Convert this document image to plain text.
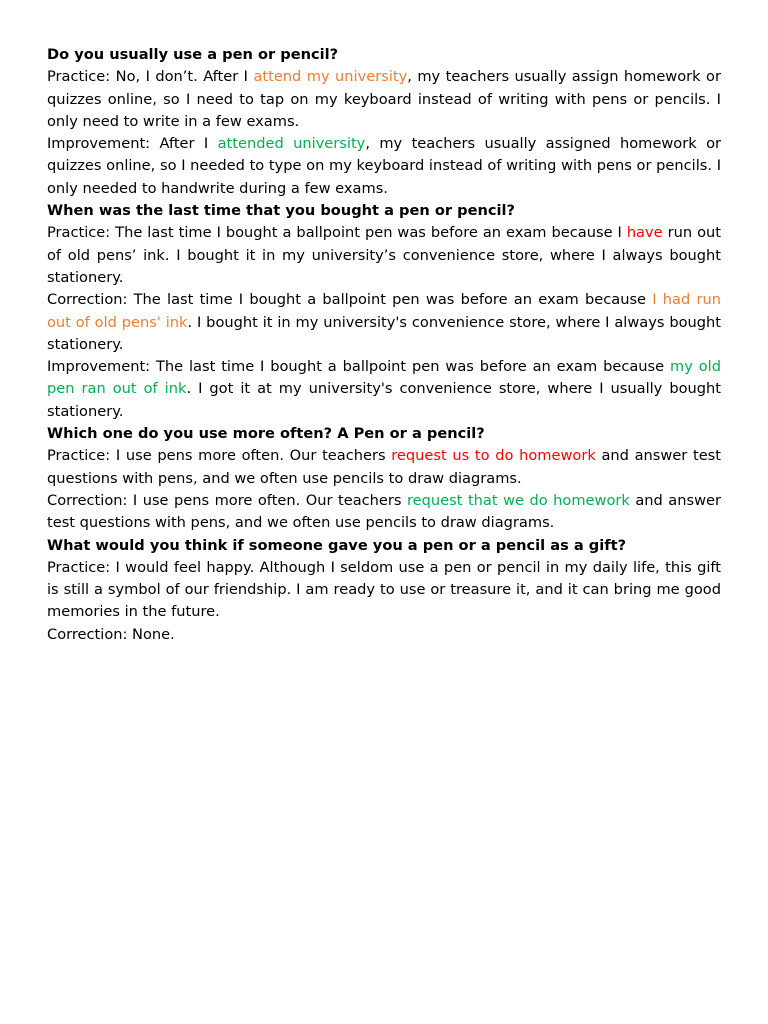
Do you usually use a pen or pencil?

Practice: No, I don’t. After I attend my university, my teachers usually assign homework or quizzes online, so I need to tap on my keyboard instead of writing with pens or pencils. I only need to write in a few exams.

Improvement: After I attended university, my teachers usually assigned homework or quizzes online, so I needed to type on my keyboard instead of writing with pens or pencils. I only needed to handwrite during a few exams.

When was the last time that you bought a pen or pencil?

Practice: The last time I bought a ballpoint pen was before an exam because I have run out of old pens’ ink. I bought it in my university’s convenience store, where I always bought stationery.

Correction: The last time I bought a ballpoint pen was before an exam because I had run out of old pens' ink. I bought it in my university's convenience store, where I always bought stationery.

Improvement: The last time I bought a ballpoint pen was before an exam because my old pen ran out of ink. I got it at my university's convenience store, where I usually bought stationery.

Which one do you use more often? A Pen or a pencil?

Practice: I use pens more often. Our teachers request us to do homework and answer test questions with pens, and we often use pencils to draw diagrams.

Correction: I use pens more often. Our teachers request that we do homework and answer test questions with pens, and we often use pencils to draw diagrams.

What would you think if someone gave you a pen or a pencil as a gift?

Practice: I would feel happy. Although I seldom use a pen or pencil in my daily life, this gift is still a symbol of our friendship. I am ready to use or treasure it, and it can bring me good memories in the future.

Correction: None.
